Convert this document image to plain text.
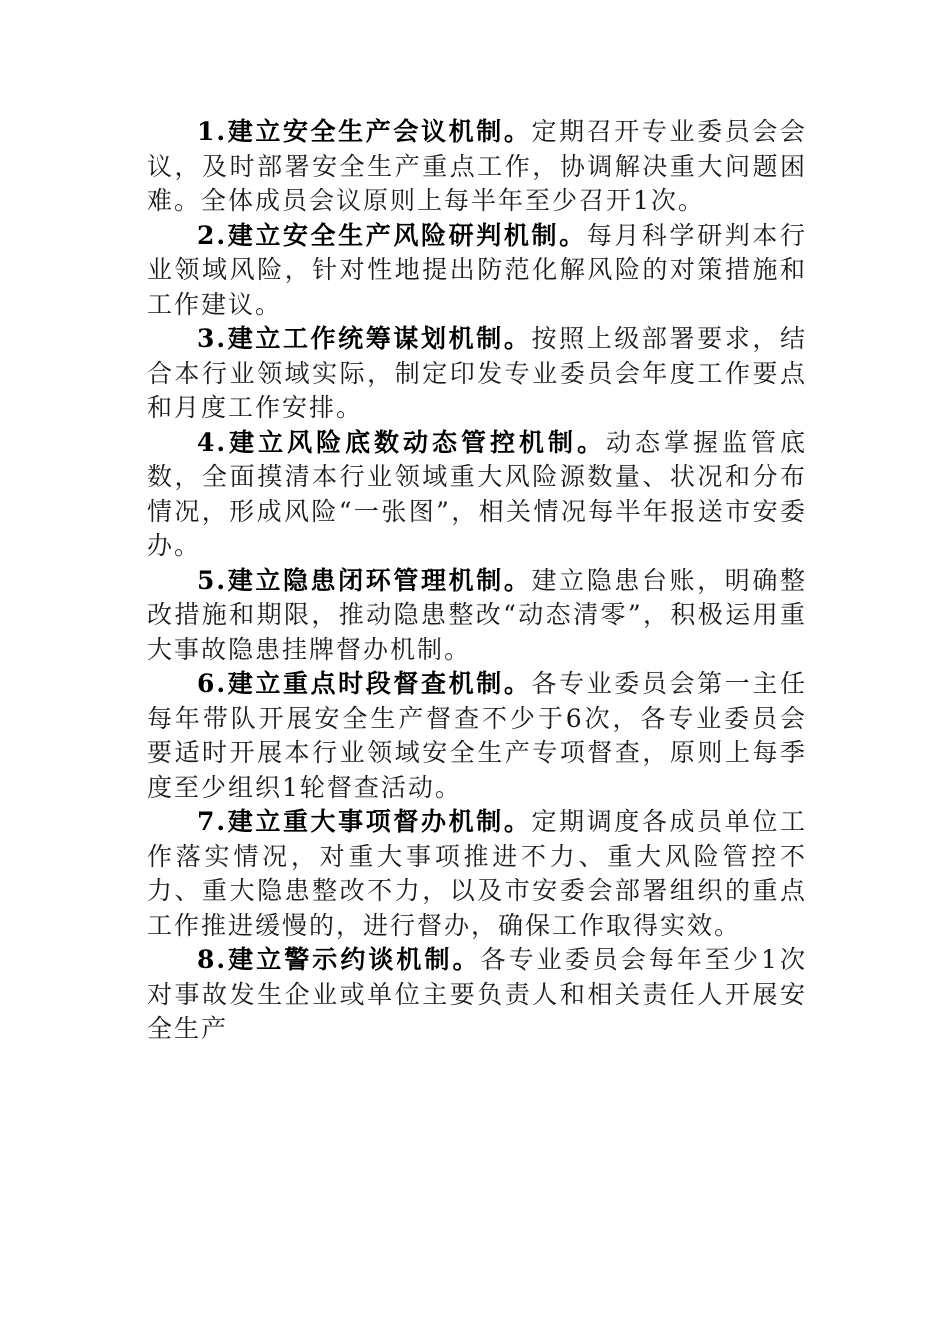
1.建立安全生产会议机制。定期召开专业委员会会议，及时部署安全生产重点工作，协调解决重大问题困难。全体成员会议原则上每半年至少召开1次。

2.建立安全生产风险研判机制。每月科学研判本行业领域风险，针对性地提出防范化解风险的对策措施和工作建议。

3.建立工作统筹谋划机制。按照上级部署要求，结合本行业领域实际，制定印发专业委员会年度工作要点和月度工作安排。

4.建立风险底数动态管控机制。动态掌握监管底数，全面摸清本行业领域重大风险源数量、状况和分布情况，形成风险“一张图”，相关情况每半年报送市安委办。

5.建立隐患闭环管理机制。建立隐患台账，明确整改措施和期限，推动隐患整改“动态清零”，积极运用重大事故隐患挂牌督办机制。

6.建立重点时段督查机制。各专业委员会第一主任每年带队开展安全生产督查不少于6次，各专业委员会要适时开展本行业领域安全生产专项督查，原则上每季度至少组织1轮督查活动。

7.建立重大事项督办机制。定期调度各成员单位工作落实情况，对重大事项推进不力、重大风险管控不力、重大隐患整改不力，以及市安委会部署组织的重点工作推进缓慢的，进行督办，确保工作取得实效。

8.建立警示约谈机制。各专业委员会每年至少1次对事故发生企业或单位主要负责人和相关责任人开展安全生产
